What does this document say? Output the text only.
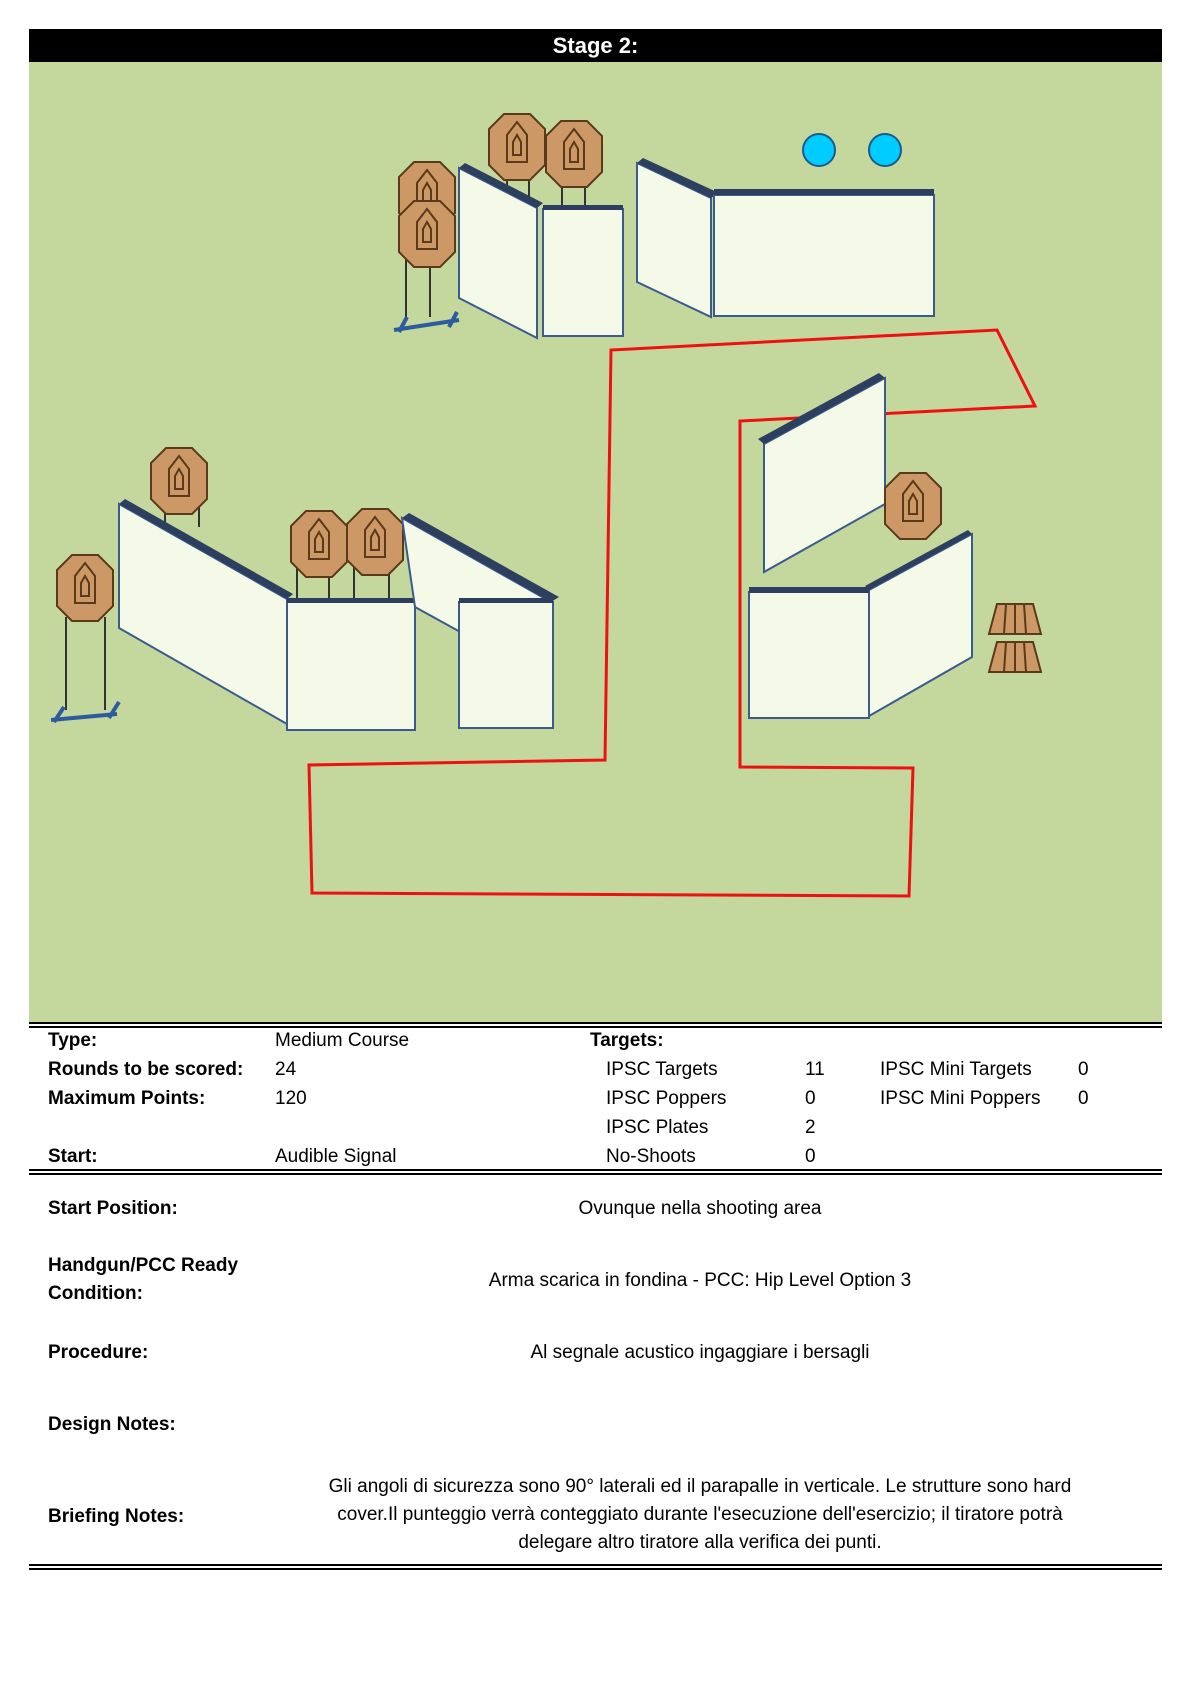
Stage 2:
Type:	Medium Course	Targets:
Rounds to be scored: 24	IPSC Targets	11	IPSC Mini Targets 0
Maximum Points:	120	IPSC Poppers	0	IPSC Mini Poppers 0
IPSC Plates	2
Start:	Audible Signal	No-Shoots	0
Start Position:	Ovunque nella shooting area
Handgun/PCC Ready
Condition:
Arma scarica in fondina - PCC: Hip Level Option 3
Procedure:	Al segnale acustico ingaggiare i bersagli
Design Notes:
Briefing Notes:
Gli angoli di sicurezza sono 90° laterali ed il parapalle in verticale. Le strutture sono hard
cover.Il punteggio verrà conteggiato durante l'esecuzione dell'esercizio; il tiratore potrà
delegare altro tiratore alla verifica dei punti.
